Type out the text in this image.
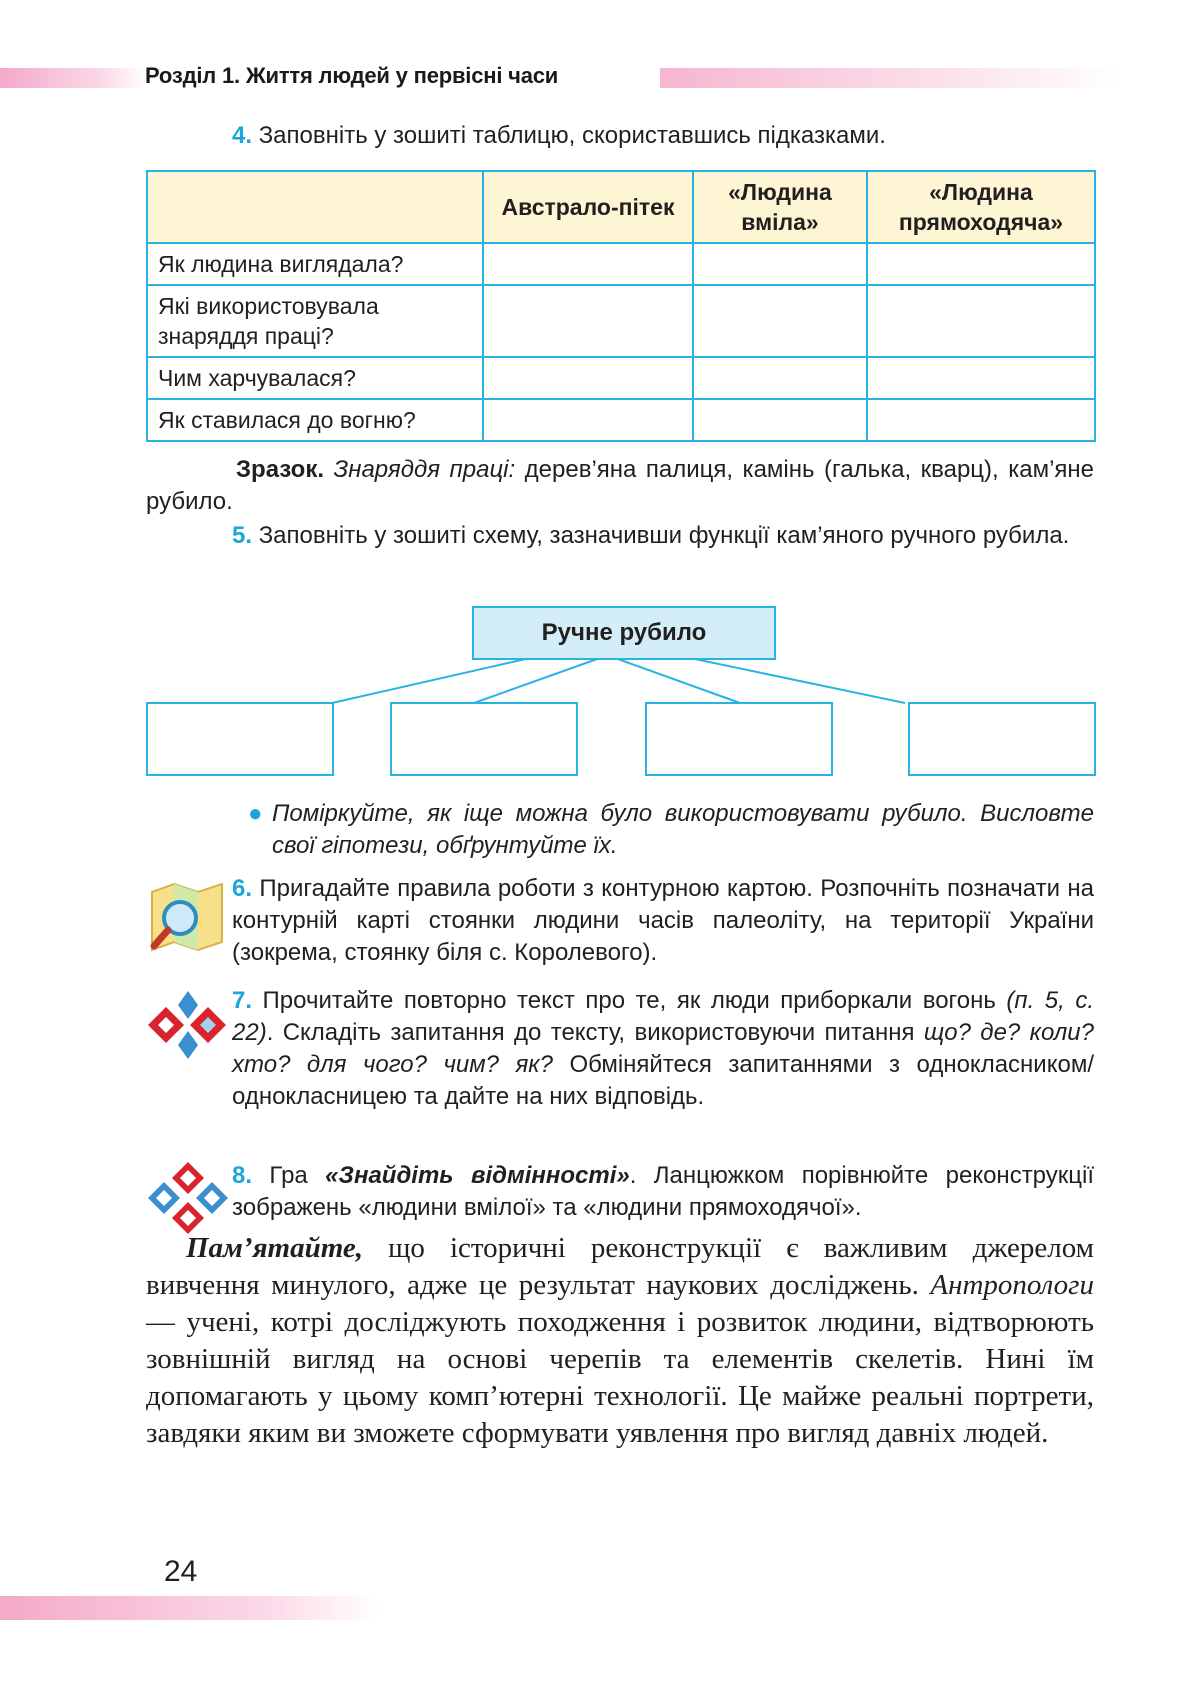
Розділ 1. Життя людей у первісні часи
4. Заповніть у зошиті таблицю, скориставшись підказками.
	Австрало-пітек	«Людина вміла»	«Людина прямоходяча»
Як людина виглядала?			
Які використовувала знаряддя праці?			
Чим харчувалася?			
Як ставилася до вогню?			
Зразок. Знаряддя праці: дерев’яна палиця, камінь (галька, кварц), кам’яне рубило.
5. Заповніть у зошиті схему, зазначивши функції кам’яного ручного рубила.
Ручне рубило
● Поміркуйте, як іще можна було використовувати рубило. Висловте свої гіпотези, обґрунтуйте їх.
6. Пригадайте правила роботи з контурною картою. Розпочніть позначати на контурній карті стоянки людини часів палеоліту, на території України (зокрема, стоянку біля с. Королевого).
7. Прочитайте повторно текст про те, як люди приборкали вогонь (п. 5, с. 22). Складіть запитання до тексту, використовуючи питання що? де? коли? хто? для чого? чим? як? Обміняйтеся запитаннями з однокласником/однокласницею та дайте на них відповідь.
8. Гра «Знайдіть відмінності». Ланцюжком порівнюйте реконструкції зображень «людини вмілої» та «людини прямоходячої».
Пам’ятайте, що історичні реконструкції є важливим джерелом вивчення минулого, адже це результат наукових досліджень. Антропологи — учені, котрі досліджують походження і розвиток людини, відтворюють зовнішній вигляд на основі черепів та елементів скелетів. Нині їм допомагають у цьому комп’ютерні технології. Це майже реальні портрети, завдяки яким ви зможете сформувати уявлення про вигляд давніх людей.
24
